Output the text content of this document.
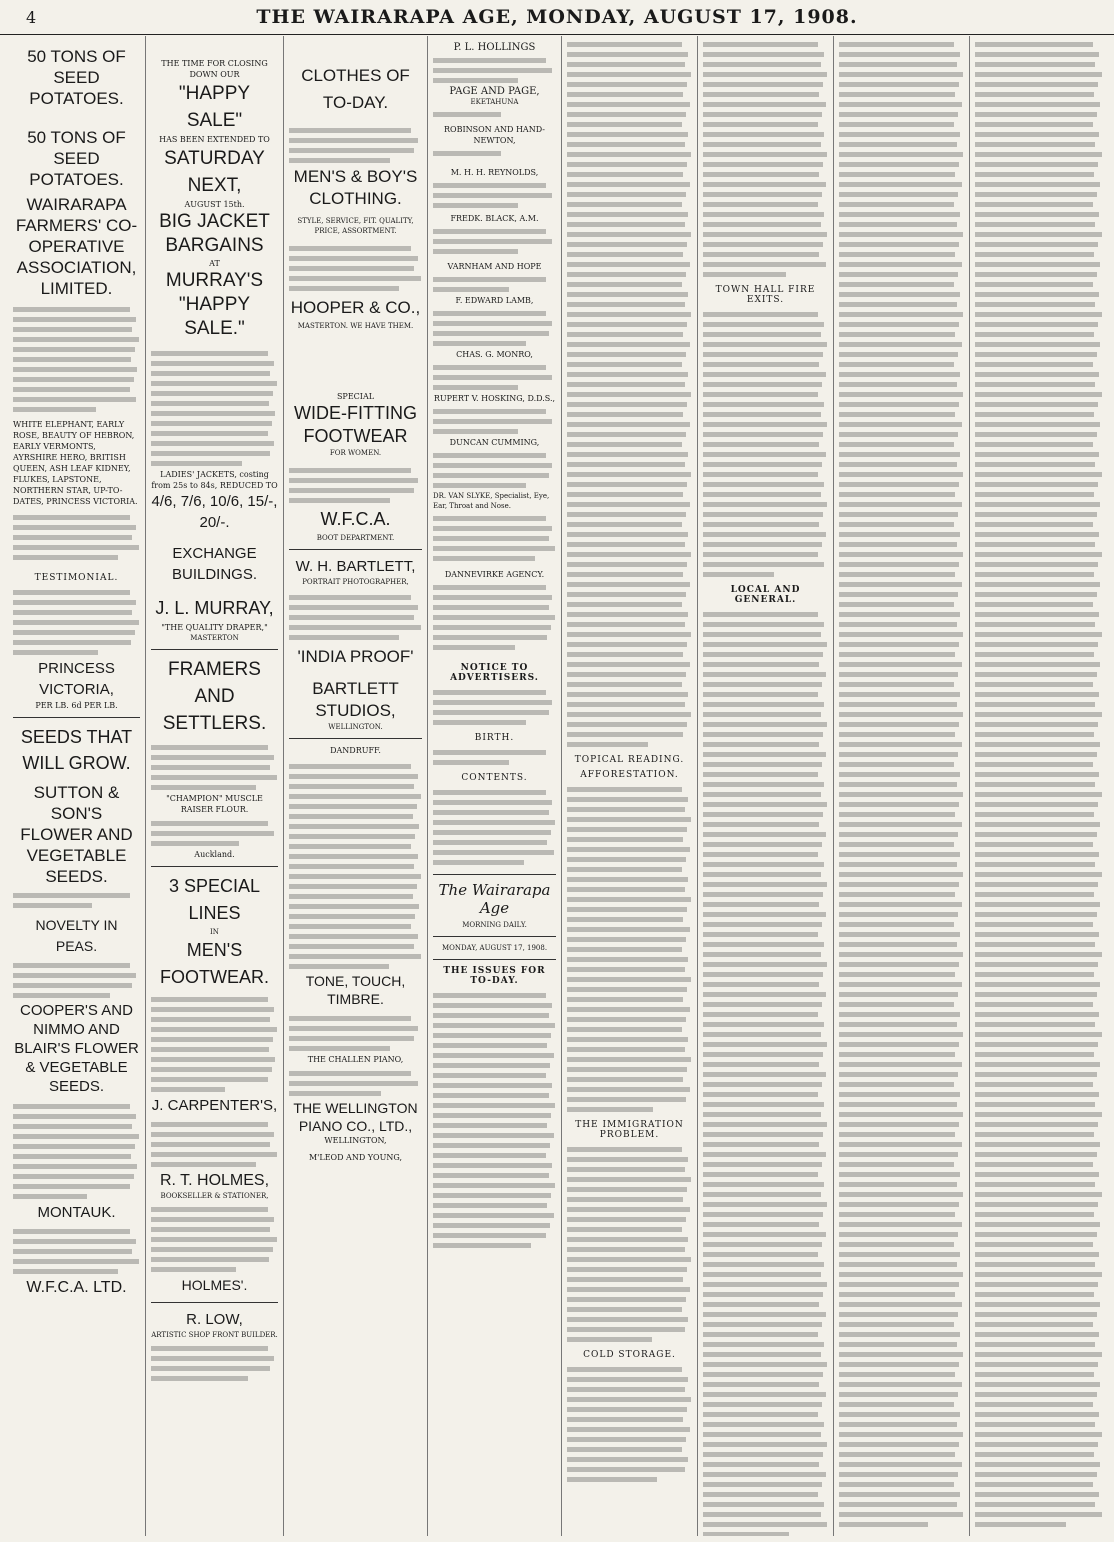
4	THE WAIRARAPA AGE, MONDAY, AUGUST 17, 1908.
50 TONS OF SEED POTATOES.
50 TONS OF SEED POTATOES.
WAIRARAPA FARMERS' CO-OPERATIVE ASSOCIATION, LIMITED.
WHITE ELEPHANT, EARLY ROSE, BEAUTY OF HEBRON, EARLY VERMONTS, AYRSHIRE HERO, BRITISH QUEEN, ASH LEAF KIDNEY, FLUKES, LAPSTONE, NORTHERN STAR, UP-TO-DATES, PRINCESS VICTORIA.
TESTIMONIAL.
PRINCESS VICTORIA,
PER LB. 6d PER LB.
SEEDS THAT WILL GROW.
SUTTON & SON'S FLOWER AND VEGETABLE SEEDS.
NOVELTY IN PEAS.
COOPER'S AND NIMMO AND BLAIR'S FLOWER & VEGETABLE SEEDS.
MONTAUK.
W.F.C.A. LTD.
THE TIME FOR CLOSING DOWN OUR
"HAPPY SALE"
HAS BEEN EXTENDED TO
SATURDAY NEXT,
AUGUST 15th.
BIG JACKET BARGAINS
AT
MURRAY'S "HAPPY SALE."
LADIES' JACKETS, costing from 25s to 84s, REDUCED TO
4/6, 7/6, 10/6, 15/-, 20/-.
EXCHANGE BUILDINGS.
J. L. MURRAY,
"THE QUALITY DRAPER,"
MASTERTON
FRAMERS AND SETTLERS.
"CHAMPION" MUSCLE RAISER FLOUR.
Auckland.
3 SPECIAL LINES
IN
MEN'S FOOTWEAR.
J. CARPENTER'S,
R. T. HOLMES,
BOOKSELLER & STATIONER,
HOLMES'.
R. LOW,
ARTISTIC SHOP FRONT BUILDER.
CLOTHES OF TO-DAY.
MEN'S & BOY'S CLOTHING.
STYLE, SERVICE, FIT. QUALITY, PRICE, ASSORTMENT.
HOOPER & CO.,
MASTERTON. WE HAVE THEM.
SPECIAL
WIDE-FITTING FOOTWEAR
FOR WOMEN.
W.F.C.A.
BOOT DEPARTMENT.
W. H. BARTLETT,
PORTRAIT PHOTOGRAPHER,
'INDIA PROOF'
BARTLETT STUDIOS,
WELLINGTON.
DANDRUFF.
TONE, TOUCH, TIMBRE.
THE CHALLEN PIANO,
THE WELLINGTON PIANO CO., LTD.,
WELLINGTON,
M'LEOD AND YOUNG,
P. L. HOLLINGS
PAGE AND PAGE,
EKETAHUNA
ROBINSON AND HAND-NEWTON,
M. H. H. REYNOLDS,
FREDK. BLACK, A.M.
VARNHAM AND HOPE
F. EDWARD LAMB,
CHAS. G. MONRO,
RUPERT V. HOSKING, D.D.S.,
DUNCAN CUMMING,
DR. VAN SLYKE, Specialist, Eye, Ear, Throat and Nose.
DANNEVIRKE AGENCY.
NOTICE TO ADVERTISERS.
BIRTH.
CONTENTS.
The Wairarapa Age
MORNING DAILY.
MONDAY, AUGUST 17, 1908.
THE ISSUES FOR TO-DAY.
TOPICAL READING.
AFFORESTATION.
THE IMMIGRATION PROBLEM.
COLD STORAGE.
TOWN HALL FIRE EXITS.
LOCAL AND GENERAL.
